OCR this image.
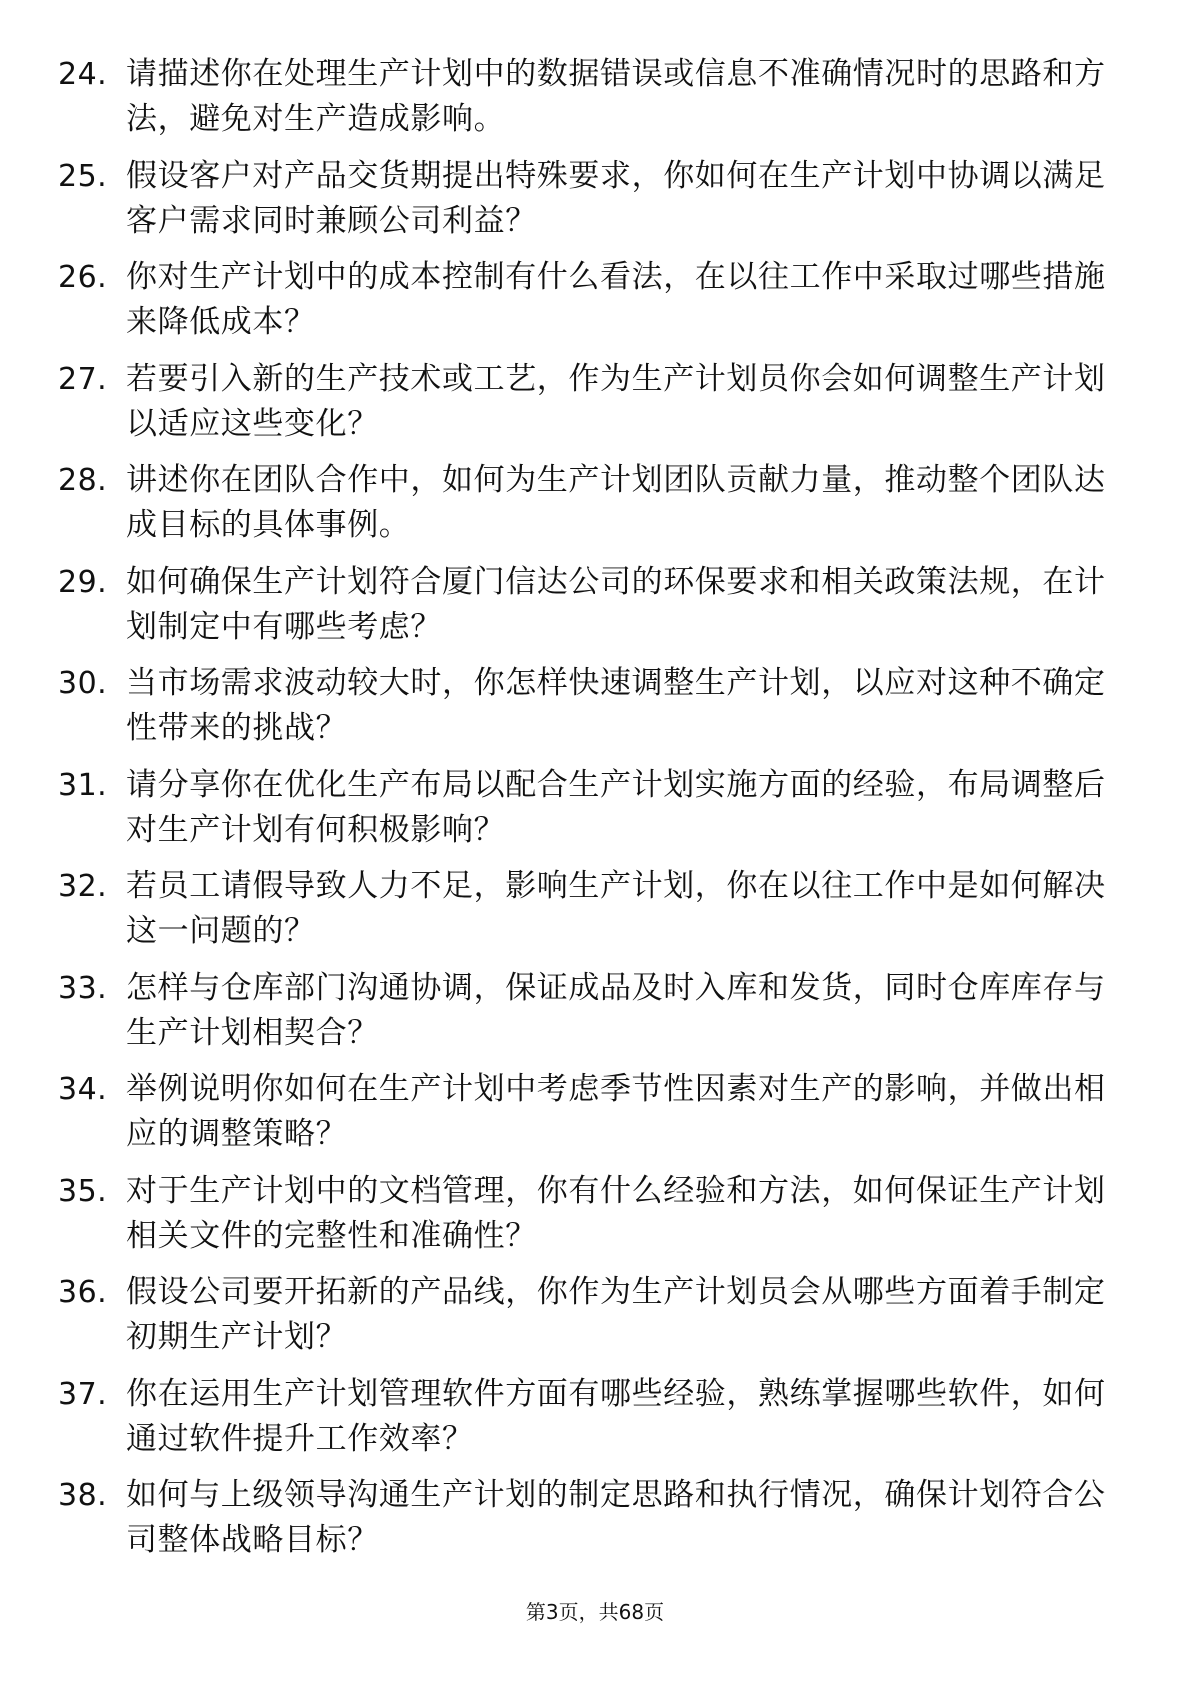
24. 请描述你在处理生产计划中的数据错误或信息不准确情况时的思路和方法，避免对生产造成影响。
25. 假设客户对产品交货期提出特殊要求，你如何在生产计划中协调以满足客户需求同时兼顾公司利益？
26. 你对生产计划中的成本控制有什么看法，在以往工作中采取过哪些措施来降低成本？
27. 若要引入新的生产技术或工艺，作为生产计划员你会如何调整生产计划以适应这些变化？
28. 讲述你在团队合作中，如何为生产计划团队贡献力量，推动整个团队达成目标的具体事例。
29. 如何确保生产计划符合厦门信达公司的环保要求和相关政策法规，在计划制定中有哪些考虑？
30. 当市场需求波动较大时，你怎样快速调整生产计划，以应对这种不确定性带来的挑战？
31. 请分享你在优化生产布局以配合生产计划实施方面的经验，布局调整后对生产计划有何积极影响？
32. 若员工请假导致人力不足，影响生产计划，你在以往工作中是如何解决这一问题的？
33. 怎样与仓库部门沟通协调，保证成品及时入库和发货，同时仓库库存与生产计划相契合？
34. 举例说明你如何在生产计划中考虑季节性因素对生产的影响，并做出相应的调整策略？
35. 对于生产计划中的文档管理，你有什么经验和方法，如何保证生产计划相关文件的完整性和准确性？
36. 假设公司要开拓新的产品线，你作为生产计划员会从哪些方面着手制定初期生产计划？
37. 你在运用生产计划管理软件方面有哪些经验，熟练掌握哪些软件，如何通过软件提升工作效率？
38. 如何与上级领导沟通生产计划的制定思路和执行情况，确保计划符合公司整体战略目标？
第3页，共68页
